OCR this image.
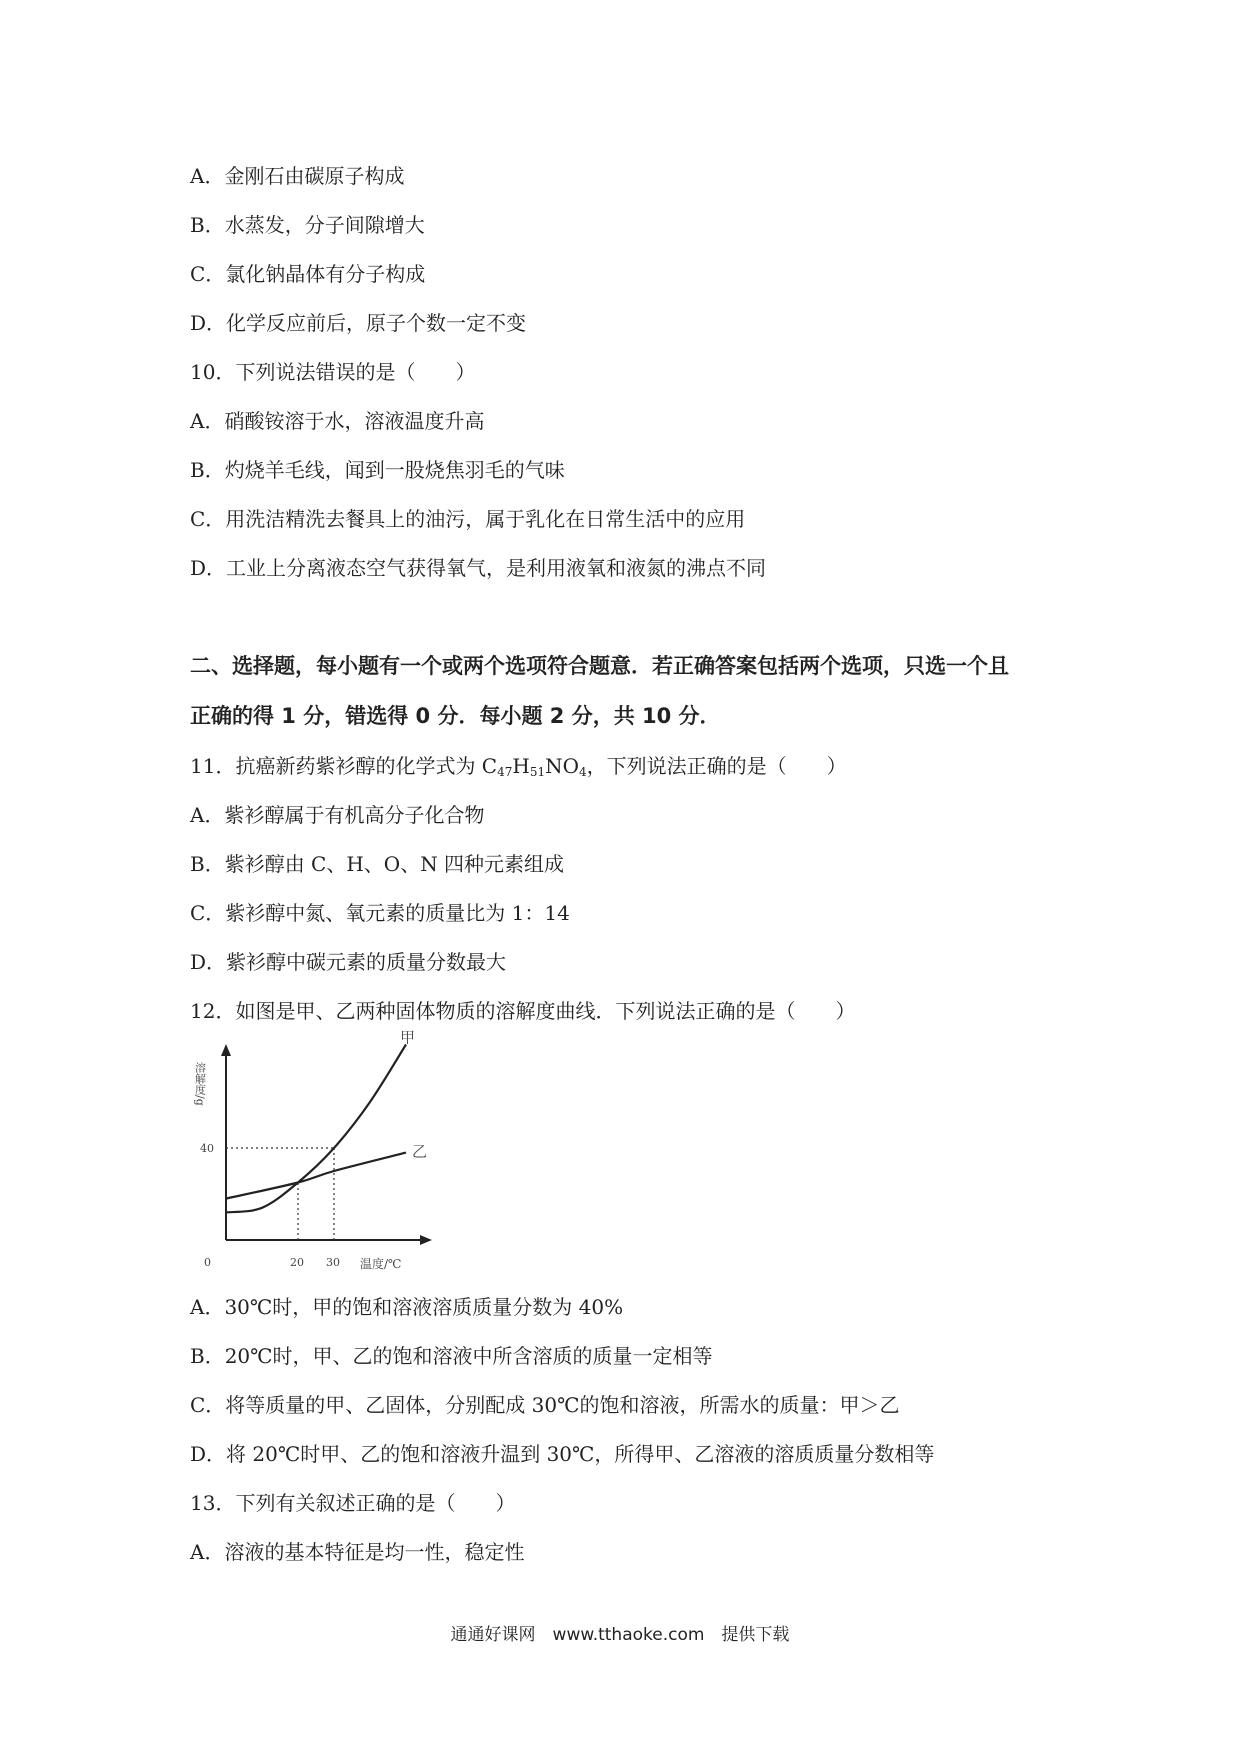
A．金刚石由碳原子构成
B．水蒸发，分子间隙增大
C．氯化钠晶体有分子构成
D．化学反应前后，原子个数一定不变
10．下列说法错误的是（　　）
A．硝酸铵溶于水，溶液温度升高
B．灼烧羊毛线，闻到一股烧焦羽毛的气味
C．用洗洁精洗去餐具上的油污，属于乳化在日常生活中的应用
D．工业上分离液态空气获得氧气，是利用液氧和液氮的沸点不同
二、选择题，每小题有一个或两个选项符合题意．若正确答案包括两个选项，只选一个且
正确的得 1 分，错选得 0 分．每小题 2 分，共 10 分．
11．抗癌新药紫衫醇的化学式为 $C_{47}H_{51}NO_4$，下列说法正确的是（　　）
A．紫衫醇属于有机高分子化合物
B．紫衫醇由 C、H、O、N 四种元素组成
C．紫衫醇中氮、氧元素的质量比为 1：14
D．紫衫醇中碳元素的质量分数最大
12．如图是甲、乙两种固体物质的溶解度曲线．下列说法正确的是（　　）
甲
乙
40
0	20 30
溶解度/g
温度/℃
A．30℃时，甲的饱和溶液溶质质量分数为 40%
B．20℃时，甲、乙的饱和溶液中所含溶质的质量一定相等
C．将等质量的甲、乙固体，分别配成 30℃的饱和溶液，所需水的质量：甲＞乙
D．将 20℃时甲、乙的饱和溶液升温到 30℃，所得甲、乙溶液的溶质质量分数相等
13．下列有关叙述正确的是（　　）
A．溶液的基本特征是均一性，稳定性
通通好课网　www.tthaoke.com　提供下载
